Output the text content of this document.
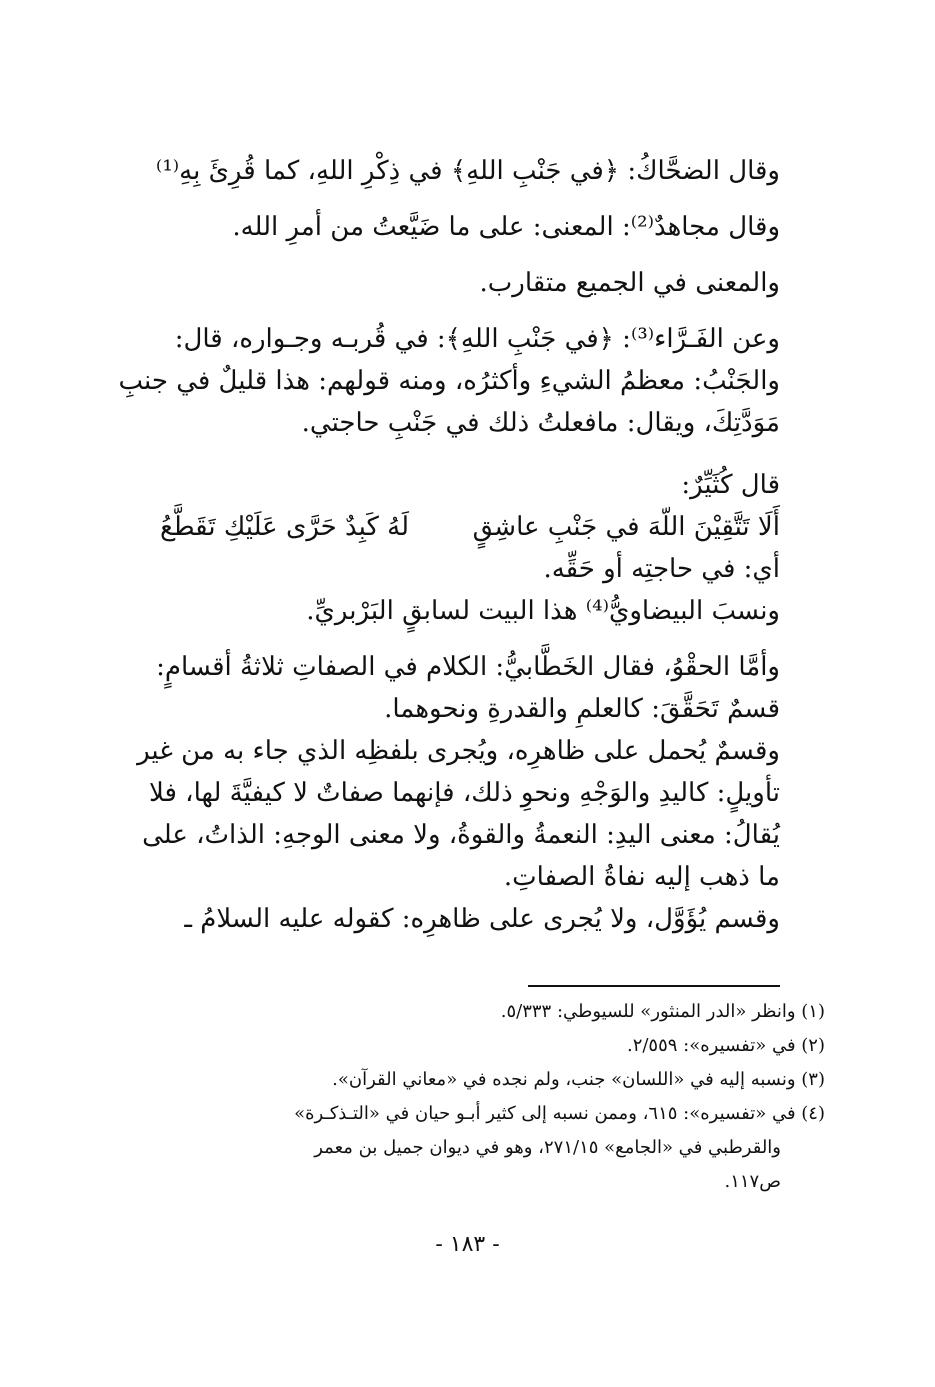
وقال الضحَّاكُ: ﴿في جَنْبِ اللهِ﴾ في ذِكْرِ اللهِ، كما قُرِئَ بِهِ⁽¹⁾
وقال مجاهدٌ⁽²⁾: المعنى: على ما ضَيَّعتُ من أمرِ الله.
والمعنى في الجميع متقارب.
وعن الفَـرَّاء⁽³⁾: ﴿في جَنْبِ اللهِ﴾: في قُربـه وجـواره، قال:
والجَنْبُ: معظمُ الشيءِ وأكثرُه، ومنه قولهم: هذا قليلٌ في جنبِ
مَوَدَّتِكَ، ويقال: مافعلتُ ذلك في جَنْبِ حاجتي.
قال كُثَيِّرٌ:
أَلَا تَتَّقِيْنَ اللّهَ في جَنْبِ عاشِقٍ
لَهُ كَبِدٌ حَرَّى عَلَيْكِ تَقَطَّعُ
أي: في حاجتِه أو حَقِّه.
ونسبَ البيضاويُّ⁽⁴⁾ هذا البيت لسابقٍ البَرْبريِّ.
وأمَّا الحقْوُ، فقال الخَطَّابيُّ: الكلام في الصفاتِ ثلاثةُ أقسامٍ:
قسمٌ تَحَقَّقَ: كالعلمِ والقدرةِ ونحوهما.
وقسمٌ يُحمل على ظاهرِه، ويُجرى بلفظِه الذي جاء به من غير
تأويلٍ: كاليدِ والوَجْهِ ونحوِ ذلك، فإنهما صفاتٌ لا كيفيَّةَ لها، فلا
يُقالُ: معنى اليدِ: النعمةُ والقوةُ، ولا معنى الوجهِ: الذاتُ، على
ما ذهب إليه نفاةُ الصفاتِ.
وقسم يُؤَوَّل، ولا يُجرى على ظاهرِه: كقوله عليه السلامُ ـ
(١) وانظر «الدر المنثور» للسيوطي: ٥/٣٣٣.
(٢) في «تفسيره»: ٢/٥٥٩.
(٣) ونسبه إليه في «اللسان» جنب، ولم نجده في «معاني القرآن».
(٤) في «تفسيره»: ٦١٥، وممن نسبه إلى كثير أبـو حيان في «التـذكـرة»
والقرطبي في «الجامع» ٢٧١/١٥، وهو في ديوان جميل بن معمر
ص١١٧.
- ١٨٣ -
